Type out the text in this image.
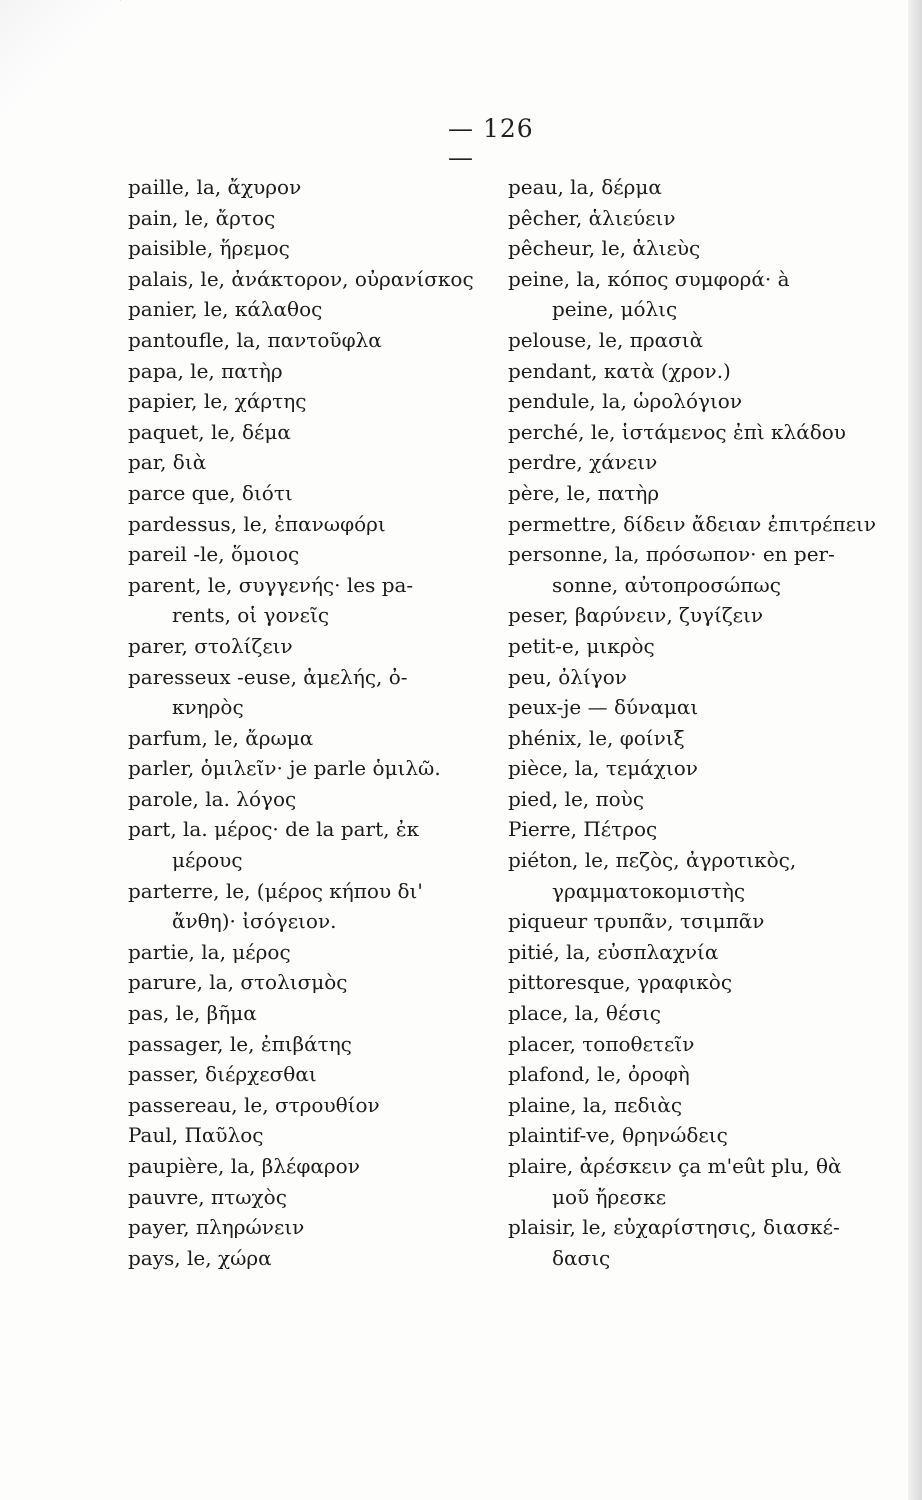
— 126 —
paille, la, ἄχυρον
pain, le, ἄρτος
paisible, ἥρεμος
palais, le, ἀνάκτορον, οὐρανίσκος
panier, le, κάλαθος
pantoufle, la, παντοῦφλα
papa, le, πατὴρ
papier, le, χάρτης
paquet, le, δέμα
par, διὰ
parce que, διότι
pardessus, le, ἐπανωφόρι
pareil -le, ὅμοιος
parent, le, συγγενής· les pa-
rents, οἱ γονεῖς
parer, στολίζειν
paresseux -euse, ἀμελής, ὀ-
κνηρὸς
parfum, le, ἄρωμα
parler, ὁμιλεῖν· je parle ὁμιλῶ.
parole, la. λόγος
part, la. μέρος· de la part, ἐκ
μέρους
parterre, le, (μέρος κήπου δι'
ἄνθη)· ἰσόγειον.
partie, la, μέρος
parure, la, στολισμὸς
pas, le, βῆμα
passager, le, ἐπιβάτης
passer, διέρχεσθαι
passereau, le, στρουθίον
Paul, Παῦλος
paupière, la, βλέφαρον
pauvre, πτωχὸς
payer, πληρώνειν
pays, le, χώρα
peau, la, δέρμα
pêcher, ἁλιεύειν
pêcheur, le, ἁλιεὺς
peine, la, κόπος συμφορά· à
peine, μόλις
pelouse, le, πρασιὰ
pendant, κατὰ (χρον.)
pendule, la, ὡρολόγιον
perché, le, ἱστάμενος ἐπὶ κλάδου
perdre, χάνειν
père, le, πατὴρ
permettre, δίδειν ἄδειαν ἐπιτρέπειν
personne, la, πρόσωπον· en per-
sonne, αὐτοπροσώπως
peser, βαρύνειν, ζυγίζειν
petit-e, μικρὸς
peu, ὀλίγον
peux-je — δύναμαι
phénix, le, φοίνιξ
pièce, la, τεμάχιον
pied, le, ποὺς
Pierre, Πέτρος
piéton, le, πεζὸς, ἀγροτικὸς,
γραμματοκομιστὴς
piqueur τρυπᾶν, τσιμπᾶν
pitié, la, εὐσπλαχνία
pittoresque, γραφικὸς
place, la, θέσις
placer, τοποθετεῖν
plafond, le, ὀροφὴ
plaine, la, πεδιὰς
plaintif-ve, θρηνώδεις
plaire, ἀρέσκειν ça m'eût plu, θὰ
μοῦ ἤρεσκε
plaisir, le, εὐχαρίστησις, διασκέ-
δασις
